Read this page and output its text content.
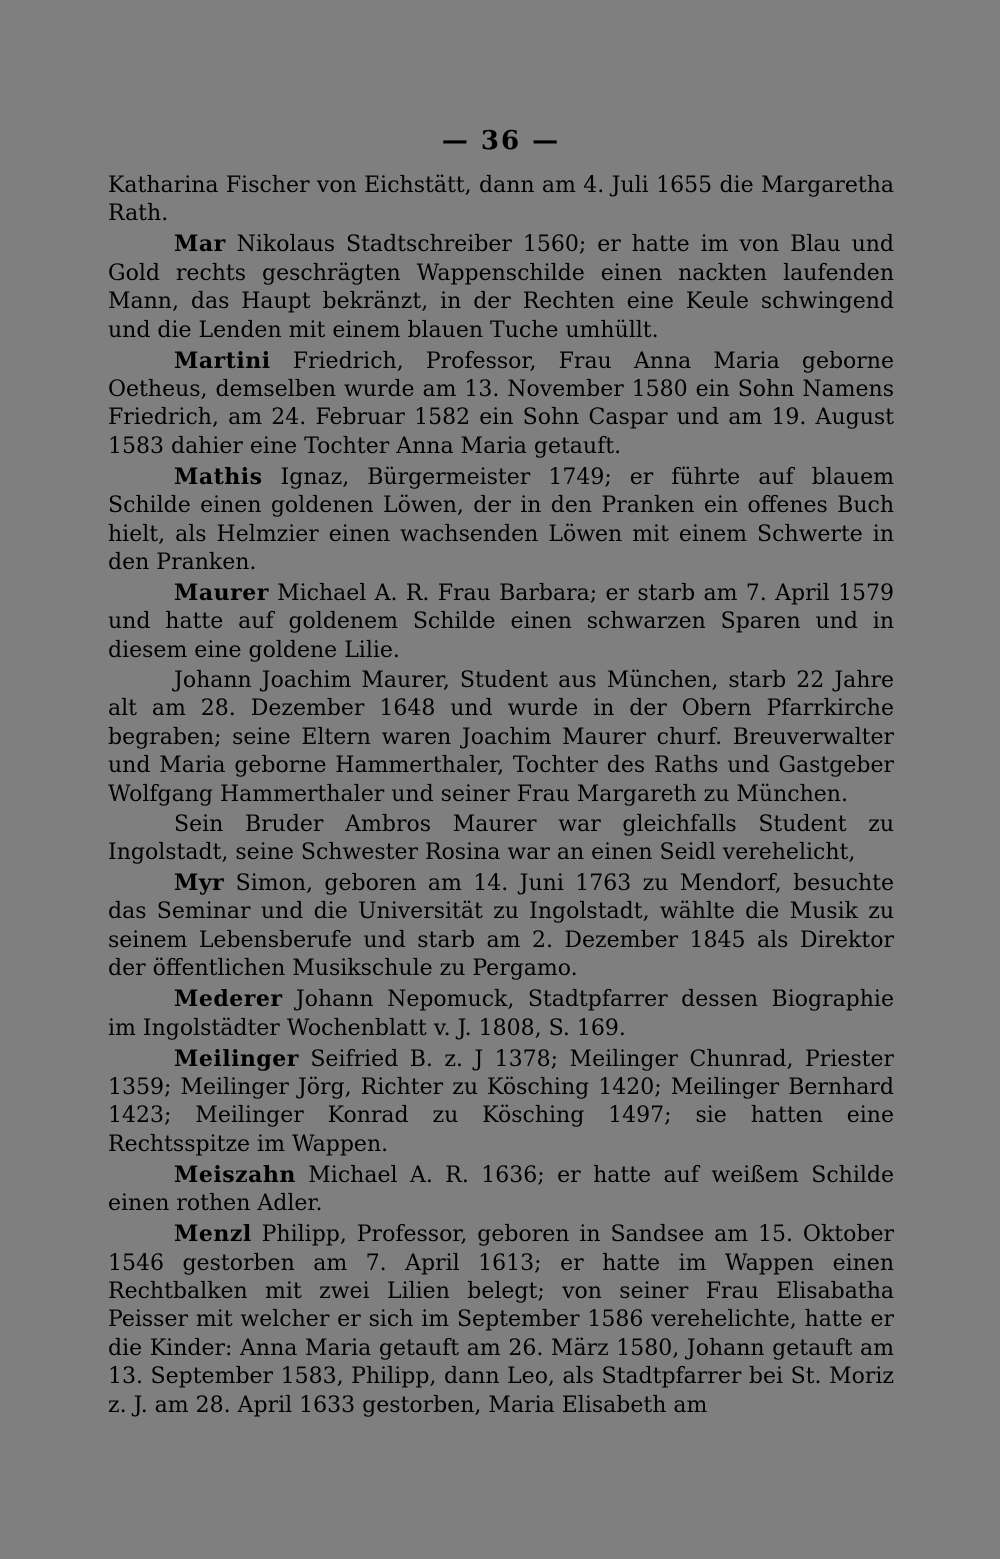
— 36 —

Katharina Fischer von Eichstätt, dann am 4. Juli 1655 die Margaretha Rath.

Mar Nikolaus Stadtschreiber 1560; er hatte im von Blau und Gold rechts geschrägten Wappenschilde einen nackten laufenden Mann, das Haupt bekränzt, in der Rechten eine Keule schwingend und die Lenden mit einem blauen Tuche umhüllt.

Martini Friedrich, Professor, Frau Anna Maria geborne Oetheus, demselben wurde am 13. November 1580 ein Sohn Namens Friedrich, am 24. Februar 1582 ein Sohn Caspar und am 19. August 1583 dahier eine Tochter Anna Maria getauft.

Mathis Ignaz, Bürgermeister 1749; er führte auf blauem Schilde einen goldenen Löwen, der in den Pranken ein offenes Buch hielt, als Helmzier einen wachsenden Löwen mit einem Schwerte in den Pranken.

Maurer Michael A. R. Frau Barbara; er starb am 7. April 1579 und hatte auf goldenem Schilde einen schwarzen Sparen und in diesem eine goldene Lilie.

Johann Joachim Maurer, Student aus München, starb 22 Jahre alt am 28. Dezember 1648 und wurde in der Obern Pfarrkirche begraben; seine Eltern waren Joachim Maurer churf. Breuverwalter und Maria geborne Hammerthaler, Tochter des Raths und Gastgeber Wolfgang Hammerthaler und seiner Frau Margareth zu München.

Sein Bruder Ambros Maurer war gleichfalls Student zu Ingolstadt, seine Schwester Rosina war an einen Seidl verehelicht,

Myr Simon, geboren am 14. Juni 1763 zu Mendorf, besuchte das Seminar und die Universität zu Ingolstadt, wählte die Musik zu seinem Lebensberufe und starb am 2. Dezember 1845 als Direktor der öffentlichen Musikschule zu Pergamo.

Mederer Johann Nepomuck, Stadtpfarrer dessen Biographie im Ingolstädter Wochenblatt v. J. 1808, S. 169.

Meilinger Seifried B. z. J 1378; Meilinger Chunrad, Priester 1359; Meilinger Jörg, Richter zu Kösching 1420; Meilinger Bernhard 1423; Meilinger Konrad zu Kösching 1497; sie hatten eine Rechtsspitze im Wappen.

Meiszahn Michael A. R. 1636; er hatte auf weißem Schilde einen rothen Adler.

Menzl Philipp, Professor, geboren in Sandsee am 15. Oktober 1546 gestorben am 7. April 1613; er hatte im Wappen einen Rechtbalken mit zwei Lilien belegt; von seiner Frau Elisabatha Peisser mit welcher er sich im September 1586 verehelichte, hatte er die Kinder: Anna Maria getauft am 26. März 1580, Johann getauft am 13. September 1583, Philipp, dann Leo, als Stadtpfarrer bei St. Moriz z. J. am 28. April 1633 gestorben, Maria Elisabeth am
